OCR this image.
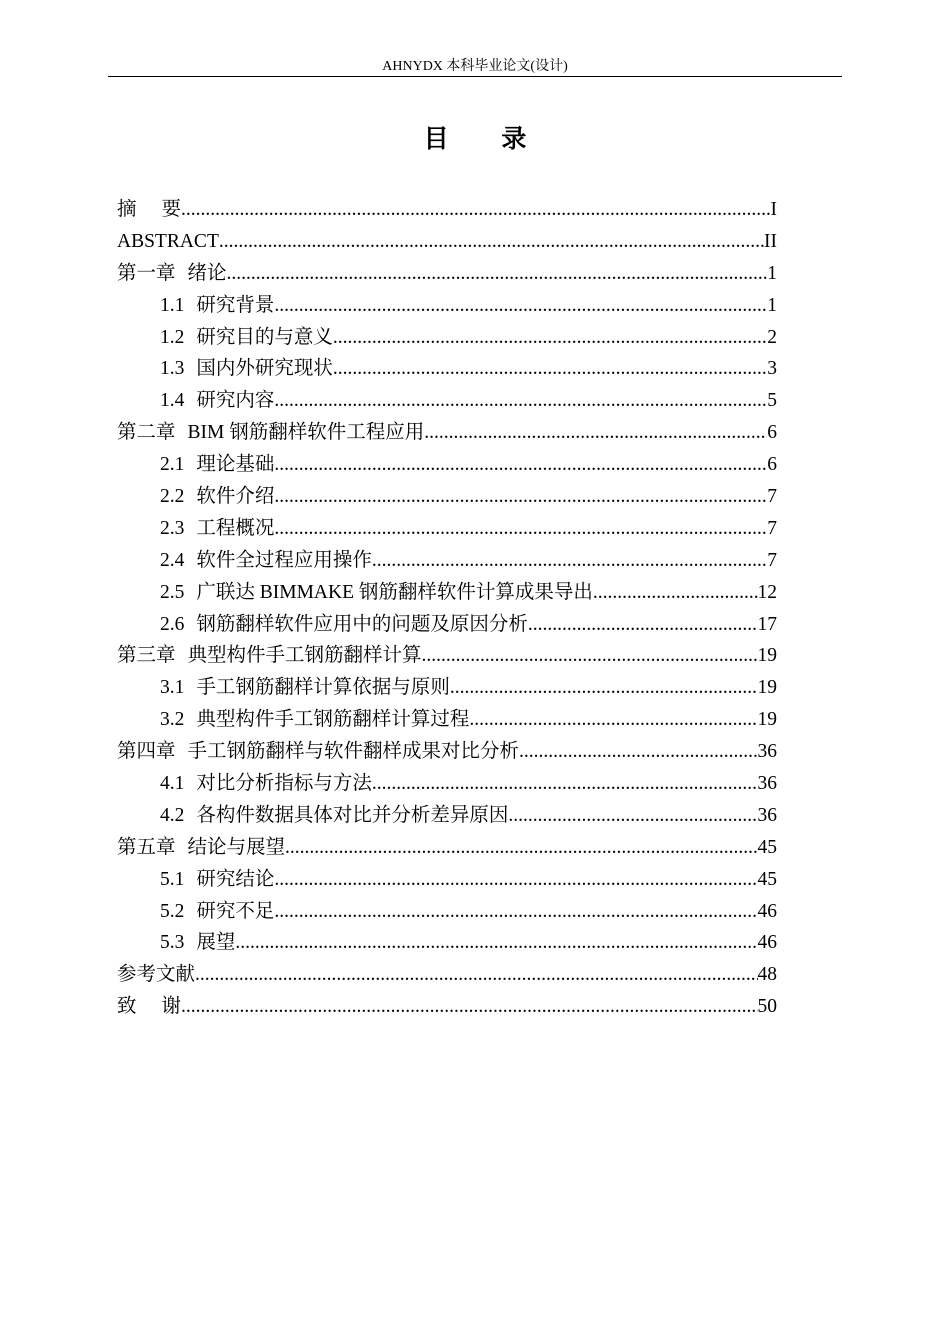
AHNYDX 本科毕业论文(设计)
目 录
摘 要 .....	I
ABSTRACT .....	II
第一章 绪论 .....	1
1.1 研究背景 .....	1
1.2 研究目的与意义 .....	2
1.3 国内外研究现状 .....	3
1.4 研究内容 .....	5
第二章 BIM 钢筋翻样软件工程应用 .....	6
2.1 理论基础 .....	6
2.2 软件介绍 .....	7
2.3 工程概况 .....	7
2.4 软件全过程应用操作 .....	7
2.5 广联达 BIMMAKE 钢筋翻样软件计算成果导出 .....	12
2.6 钢筋翻样软件应用中的问题及原因分析 .....	17
第三章 典型构件手工钢筋翻样计算 .....	19
3.1 手工钢筋翻样计算依据与原则 .....	19
3.2 典型构件手工钢筋翻样计算过程 .....	19
第四章 手工钢筋翻样与软件翻样成果对比分析 .....	36
4.1 对比分析指标与方法 .....	36
4.2 各构件数据具体对比并分析差异原因 .....	36
第五章 结论与展望 .....	45
5.1 研究结论 .....	45
5.2 研究不足 .....	46
5.3 展望 .....	46
参考文献 .....	48
致 谢 .....	50
